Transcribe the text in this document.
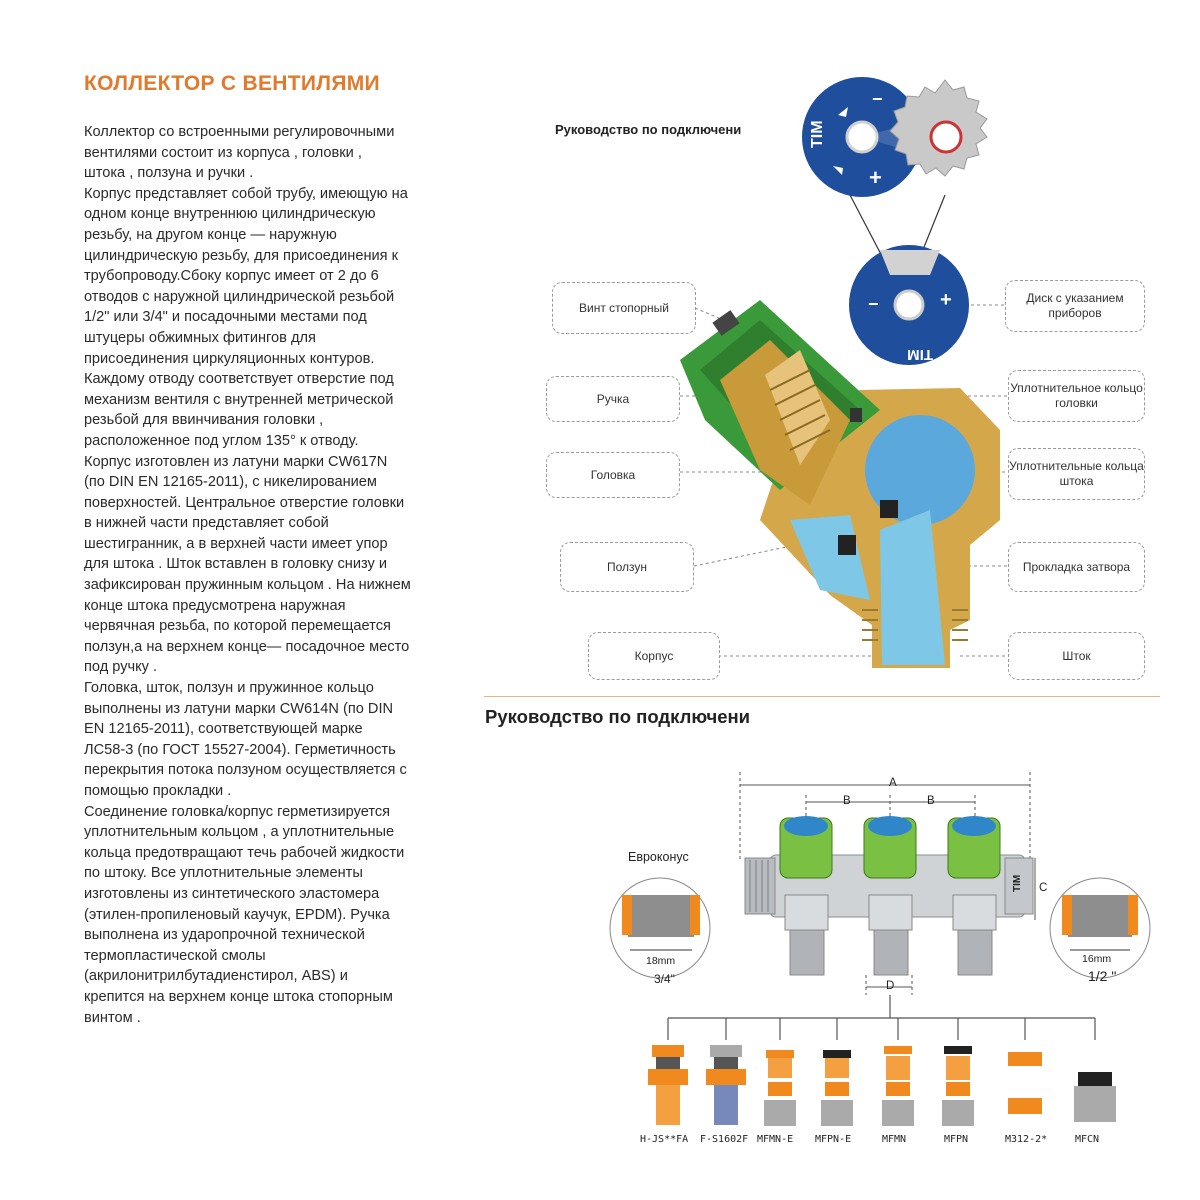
КОЛЛЕКТОР С ВЕНТИЛЯМИ

Коллектор со встроенными регулировочными

вентилями состоит из корпуса , головки ,

штока , ползуна и ручки .

Корпус представляет собой трубу, имеющую на

одном конце внутреннюю цилиндрическую

резьбу, на другом конце — наружную

цилиндрическую резьбу, для присоединения к

трубопроводу.Сбоку корпус имеет от 2 до 6

отводов с наружной цилиндрической резьбой

1/2" или 3/4" и посадочными местами под

штуцеры обжимных фитингов для

присоединения циркуляционных контуров.

Каждому отводу соответствует отверстие под

механизм вентиля с внутренней метрической

резьбой для ввинчивания головки ,

расположенное под углом 135° к отводу.

Корпус изготовлен из латуни марки CW617N

(по DIN EN 12165-2011), с никелированием

поверхностей. Центральное отверстие головки

в нижней части представляет собой

шестигранник, а в верхней части имеет упор

для штока . Шток вставлен в головку снизу и

зафиксирован пружинным кольцом . На нижнем

конце штока предусмотрена наружная

червячная резьба, по которой перемещается

ползун,а на верхнем конце— посадочное место

под ручку .

Головка, шток, ползун и пружинное кольцо

выполнены из латуни марки CW614N (по DIN

EN 12165-2011), соответствующей марке

ЛС58-3 (по ГОСТ 15527-2004). Герметичность

перекрытия потока ползуном осуществляется с

помощью прокладки .

Соединение головка/корпус герметизируется

уплотнительным кольцом , а уплотнительные

кольца предотвращают течь рабочей жидкости

по штоку. Все уплотнительные элементы

изготовлены из синтетического эластомера

(этилен-пропиленовый каучук, EPDM). Ручка

выполнена из ударопрочной технической

термопластической смолы

(акрилонитрилбутадиенстирол, ABS) и

крепится на верхнем конце штока стопорным

винтом .

Руководство по подключени	TIM
−
+
TIM
−	+
Винт стопорный
Ручка
Головка
Ползун
Корпус
Диск с указанием приборов
Уплотнительное кольцо головки
Уплотнительные кольца штока
Прокладка затвора
Шток
Руководство по подключени
TIM
A
B	B
C
D
Евроконус
18mm
3/4"
16mm
1/2 "
H-JS**FA F-S1602F MFMN-E MFPN-E	MFMN	MFPN	M312-2*	MFCN
